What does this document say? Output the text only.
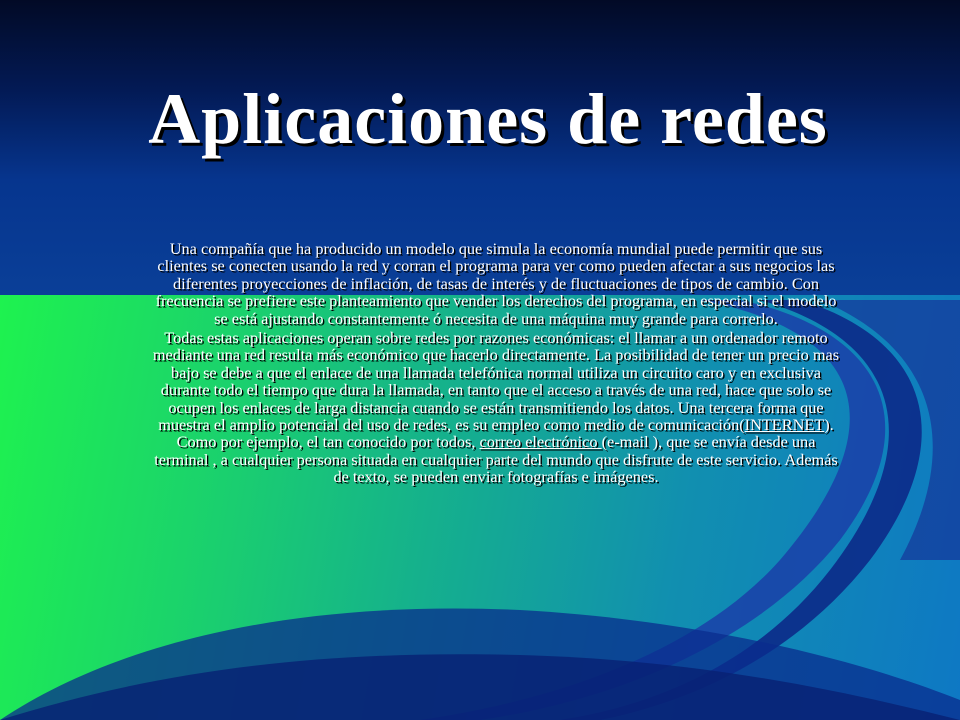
Aplicaciones de redes

Una compañía que ha producido un modelo que simula la economía mundial puede permitir que sus clientes se conecten usando la red y corran el programa para ver como pueden afectar a sus negocios las diferentes proyecciones de inflación, de tasas de interés y de fluctuaciones de tipos de cambio. Con frecuencia se prefiere este planteamiento que vender los derechos del programa, en especial si el modelo se está ajustando constantemente ó necesita de una máquina muy grande para correrlo.

Todas estas aplicaciones operan sobre redes por razones económicas: el llamar a un ordenador remoto mediante una red resulta más económico que hacerlo directamente. La posibilidad de tener un precio mas bajo se debe a que el enlace de una llamada telefónica normal utiliza un circuito caro y en exclusiva durante todo el tiempo que dura la llamada, en tanto que el acceso a través de una red, hace que solo se ocupen los enlaces de larga distancia cuando se están transmitiendo los datos. Una tercera forma que muestra el amplio potencial del uso de redes, es su empleo como medio de comunicación(INTERNET). Como por ejemplo, el tan conocido por todos, correo electrónico (e-mail ), que se envía desde una terminal , a cualquier persona situada en cualquier parte del mundo que disfrute de este servicio. Además de texto, se pueden enviar fotografías e imágenes.
